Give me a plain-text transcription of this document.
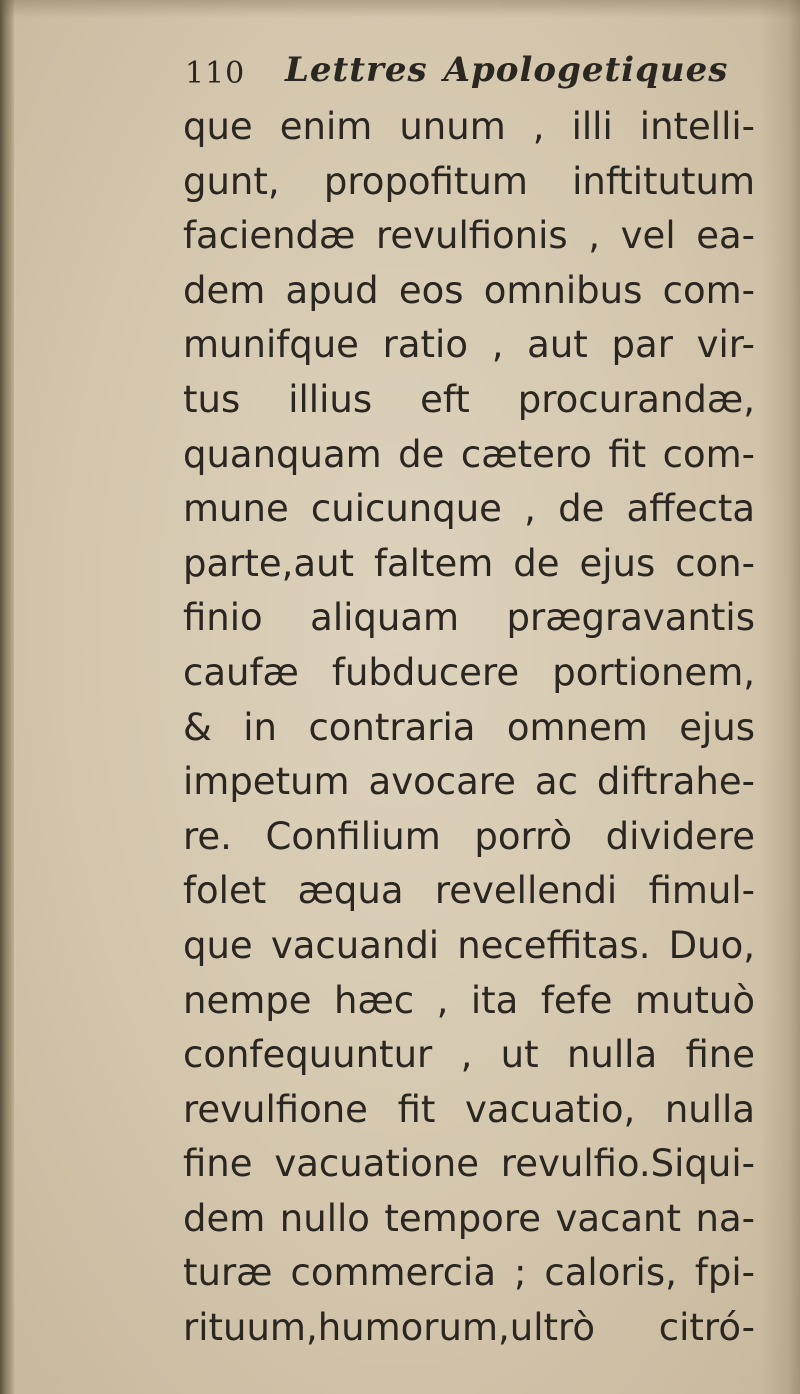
110 Lettres Apologetiques
que enim unum , illi intelli-
gunt, propofitum inftitutum
faciendæ revulfionis , vel ea-
dem apud eos omnibus com-
munifque ratio , aut par vir-
tus illius eft procurandæ,
quanquam de cætero fit com-
mune cuicunque , de affecta
parte,aut faltem de ejus con-
finio aliquam prægravantis
caufæ fubducere portionem,
& in contraria omnem ejus
impetum avocare ac diftrahe-
re. Confilium porrò dividere
folet æqua revellendi fimul-
que vacuandi neceffitas. Duo,
nempe hæc , ita fefe mutuò
confequuntur , ut nulla fine
revulfione fit vacuatio, nulla
fine vacuatione revulfio.Siqui-
dem nullo tempore vacant na-
turæ commercia ; caloris, fpi-
rituum,humorum,ultrò citró-
